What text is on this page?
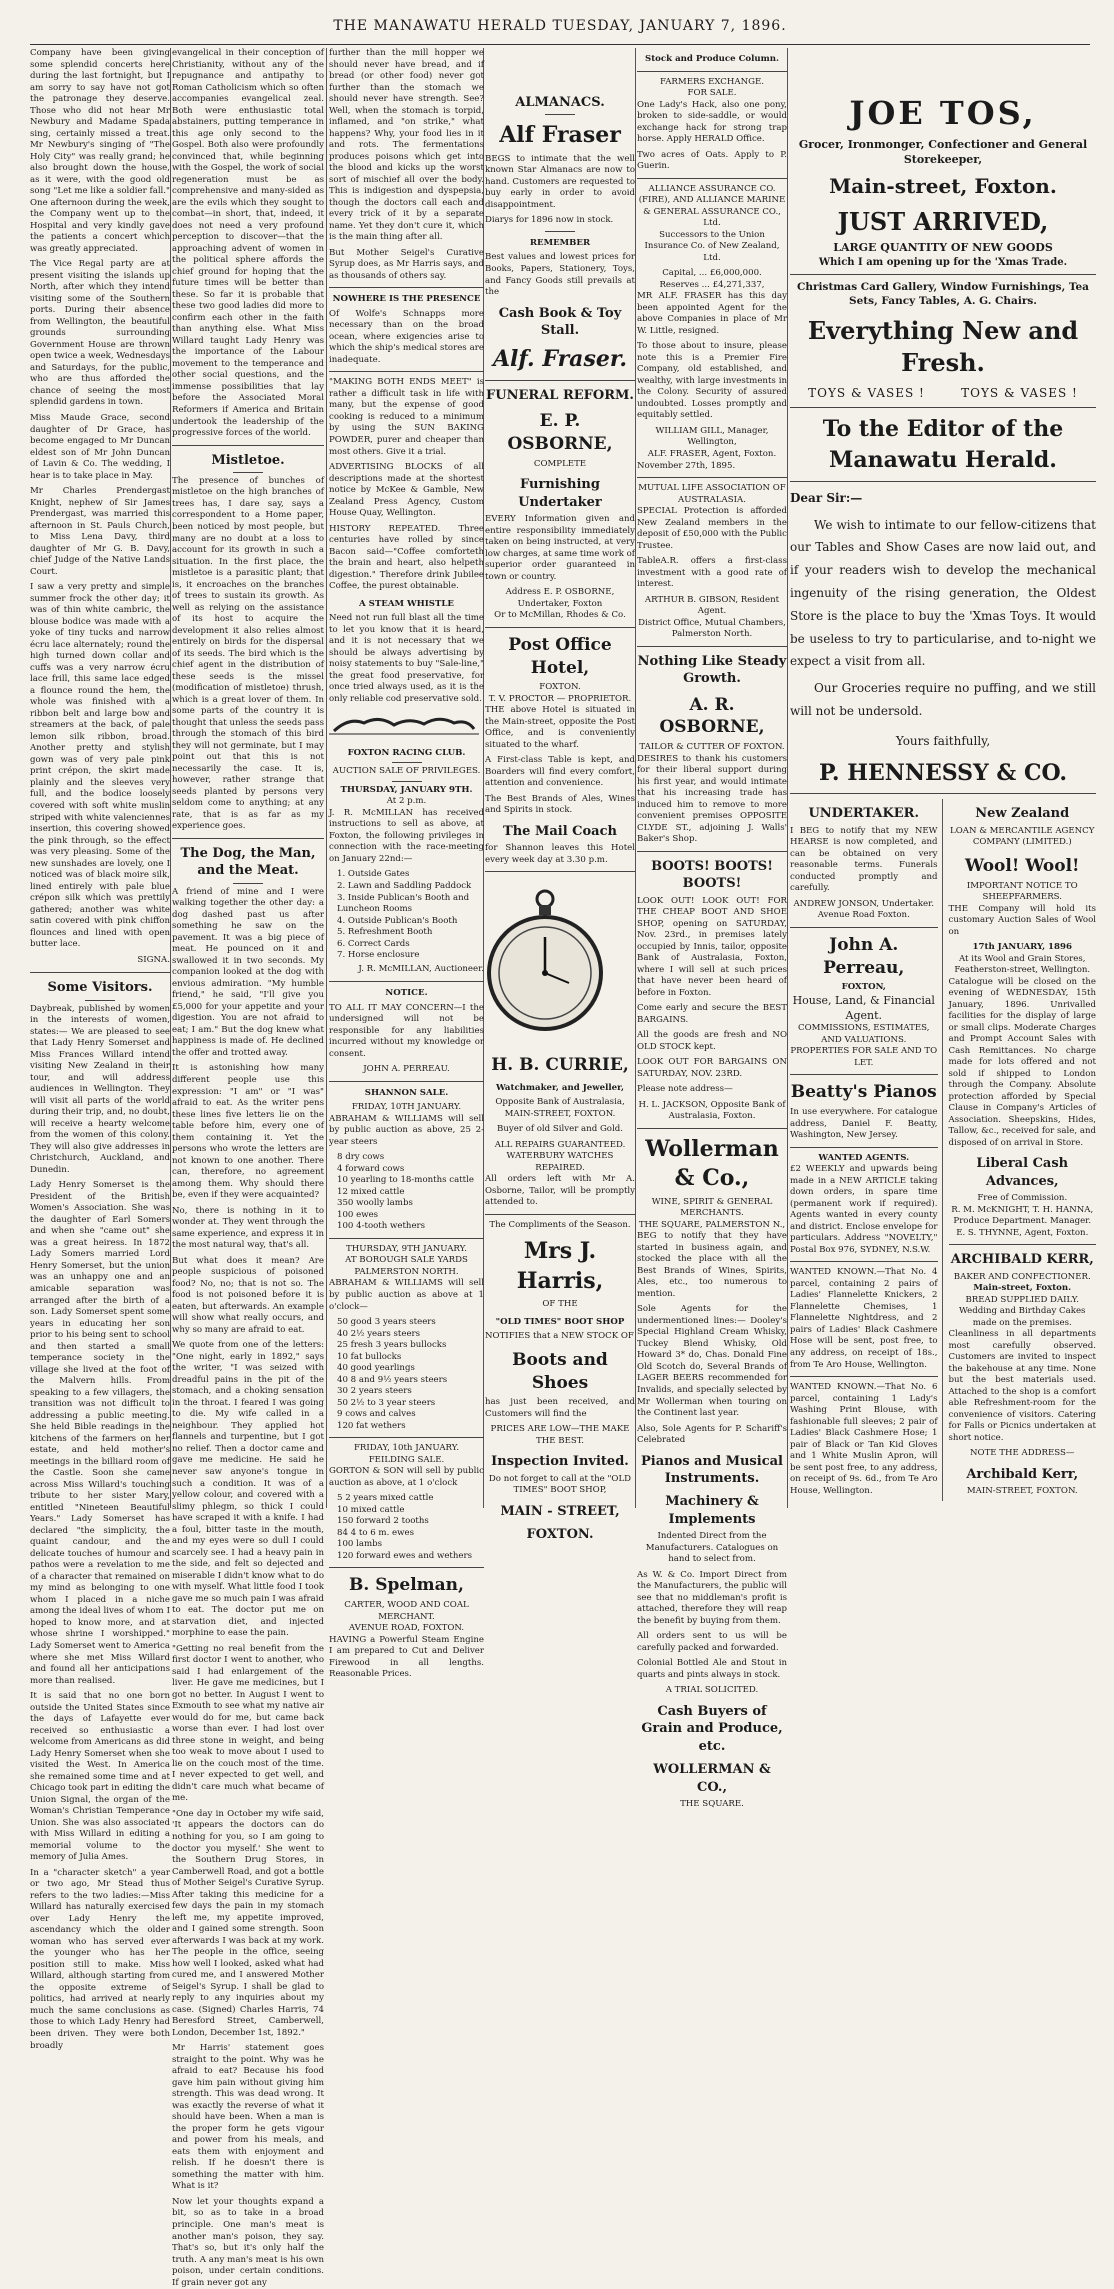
THE MANAWATU HERALD TUESDAY, JANUARY 7, 1896.

Company have been giving some splendid concerts here during the last fortnight, but I am sorry to say have not got the patronage they deserve. Those who did not hear Mr Newbury and Madame Spada sing, certainly missed a treat. Mr Newbury's singing of "The Holy City" was really grand; he also brought down the house, as it were, with the good old song "Let me like a soldier fall." One afternoon during the week, the Company went up to the Hospital and very kindly gave the patients a concert which was greatly appreciated.

The Vice Regal party are at present visiting the islands up North, after which they intend visiting some of the Southern ports. During their absence from Wellington, the beautiful grounds surrounding Government House are thrown open twice a week, Wednesdays and Saturdays, for the public, who are thus afforded the chance of seeing the most splendid gardens in town.

Miss Maude Grace, second daughter of Dr Grace, has become engaged to Mr Duncan eldest son of Mr John Duncan of Lavin & Co. The wedding, I hear is to take place in May.

Mr Charles Prendergast Knight, nephew of Sir James Prendergast, was married this afternoon in St. Pauls Church, to Miss Lena Davy, third daughter of Mr G. B. Davy, chief Judge of the Native Lands Court.

I saw a very pretty and simple summer frock the other day; it was of thin white cambric, the blouse bodice was made with a yoke of tiny tucks and narrow écru lace alternately; round the high turned down collar and cuffs was a very narrow écru lace frill, this same lace edged a flounce round the hem, the whole was finished with a ribbon belt and large bow and streamers at the back, of pale lemon silk ribbon, broad. Another pretty and stylish gown was of very pale pink print crépon, the skirt made plainly and the sleeves very full, and the bodice loosely covered with soft white muslin striped with white valenciennes insertion, this covering showed the pink through, so the effect was very pleasing. Some of the new sunshades are lovely, one I noticed was of black moire silk, lined entirely with pale blue crépon silk which was prettily gathered; another was white satin covered with pink chiffon flounces and lined with open butter lace.

SIGNA.
Some Visitors.

Daybreak, published by women in the interests of women, states:— We are pleased to see that Lady Henry Somerset and Miss Frances Willard intend visiting New Zealand in their tour, and will address audiences in Wellington. They will visit all parts of the world during their trip, and, no doubt, will receive a hearty welcome from the women of this colony. They will also give addresses in Christchurch, Auckland, and Dunedin.

Lady Henry Somerset is the President of the British Women's Association. She was the daughter of Earl Somers and when she "came out" she was a great heiress. In 1872 Lady Somers married Lord Henry Somerset, but the union was an unhappy one and an amicable separation was arranged after the birth of a son. Lady Somerset spent some years in educating her son prior to his being sent to school and then started a small temperance society in the village she lived at the foot of the Malvern hills. From speaking to a few villagers, the transition was not difficult to addressing a public meeting. She held Bible readings in the kitchens of the farmers on her estate, and held mother's meetings in the billiard room of the Castle. Soon she came across Miss Willard's touching tribute to her sister Mary, entitled "Nineteen Beautiful Years." Lady Somerset has declared "the simplicity, the quaint candour, and the delicate touches of humour and pathos were a revelation to me of a character that remained on my mind as belonging to one whom I placed in a niche among the ideal lives of whom I hoped to know more, and at whose shrine I worshipped." Lady Somerset went to America where she met Miss Willard and found all her anticipations more than realised.

It is said that no one born outside the United States since the days of Lafayette ever received so enthusiastic a welcome from Americans as did Lady Henry Somerset when she visited the West. In America she remained some time and at Chicago took part in editing the Union Signal, the organ of the Woman's Christian Temperance Union. She was also associated with Miss Willard in editing a memorial volume to the memory of Julia Ames.

In a "character sketch" a year or two ago, Mr Stead thus refers to the two ladies:—Miss Willard has naturally exercised over Lady Henry the ascendancy which the older woman who has served ever the younger who has her position still to make. Miss Willard, although starting from the opposite extreme of politics, had arrived at nearly much the same conclusions as those to which Lady Henry had been driven. They were both broadly

evangelical in their conception of Christianity, without any of the repugnance and antipathy to Roman Catholicism which so often accompanies evangelical zeal. Both were enthusiastic total abstainers, putting temperance in this age only second to the Gospel. Both also were profoundly convinced that, while beginning with the Gospel, the work of social regeneration must be as comprehensive and many-sided as are the evils which they sought to combat—in short, that, indeed, it does not need a very profound perception to discover—that the approaching advent of women in the political sphere affords the chief ground for hoping that the future times will be better than these. So far it is probable that these two good ladies did more to confirm each other in the faith than anything else. What Miss Willard taught Lady Henry was the importance of the Labour movement to the temperance and other social questions, and the immense possibilities that lay before the Associated Moral Reformers if America and Britain undertook the leadership of the progressive forces of the world.

Mistletoe.

The presence of bunches of mistletoe on the high branches of trees has, I dare say, says a correspondent to a Home paper, been noticed by most people, but many are no doubt at a loss to account for its growth in such a situation. In the first place, the mistletoe is a parasitic plant; that is, it encroaches on the branches of trees to sustain its growth. As well as relying on the assistance of its host to acquire the development it also relies almost entirely on birds for the dispersal of its seeds. The bird which is the chief agent in the distribution of these seeds is the missel (modification of mistletoe) thrush, which is a great lover of them. In some parts of the country it is thought that unless the seeds pass through the stomach of this bird they will not germinate, but I may point out that this is not necessarily the case. It is, however, rather strange that seeds planted by persons very seldom come to anything; at any rate, that is as far as my experience goes.

The Dog, the Man, and the Meat.

A friend of mine and I were walking together the other day: a dog dashed past us after something he saw on the pavement. It was a big piece of meat. He pounced on it and swallowed it in two seconds. My companion looked at the dog with envious admiration. "My humble friend," he said, "I'll give you £5,000 for your appetite and your digestion. You are not afraid to eat; I am." But the dog knew what happiness is made of. He declined the offer and trotted away.

It is astonishing how many different people use this expression: "I am" or "I was" afraid to eat. As the writer pens these lines five letters lie on the table before him, every one of them containing it. Yet the persons who wrote the letters are not known to one another. There can, therefore, no agreement among them. Why should there be, even if they were acquainted?

No, there is nothing in it to wonder at. They went through the same experience, and express it in the most natural way, that's all.

But what does it mean? Are people suspicious of poisoned food? No, no; that is not so. The food is not poisoned before it is eaten, but afterwards. An example will show what really occurs, and why so many are afraid to eat.

We quote from one of the letters: "One night, early in 1892," says the writer, "I was seized with dreadful pains in the pit of the stomach, and a choking sensation in the throat. I feared I was going to die. My wife called in a neighbour. They applied hot flannels and turpentine, but I got no relief. Then a doctor came and gave me medicine. He said he never saw anyone's tongue in such a condition. It was of a yellow colour, and covered with a slimy phlegm, so thick I could have scraped it with a knife. I had a foul, bitter taste in the mouth, and my eyes were so dull I could scarcely see. I had a heavy pain in the side, and felt so dejected and miserable I didn't know what to do with myself. What little food I took gave me so much pain I was afraid to eat. The doctor put me on starvation diet, and injected morphine to ease the pain.

"Getting no real benefit from the first doctor I went to another, who said I had enlargement of the liver. He gave me medicines, but I got no better. In August I went to Exmouth to see what my native air would do for me, but came back worse than ever. I had lost over three stone in weight, and being too weak to move about I used to lie on the couch most of the time. I never expected to get well, and didn't care much what became of me.

"One day in October my wife said, 'It appears the doctors can do nothing for you, so I am going to doctor you myself.' She went to the Southern Drug Stores, in Camberwell Road, and got a bottle of Mother Seigel's Curative Syrup. After taking this medicine for a few days the pain in my stomach left me, my appetite improved, and I gained some strength. Soon afterwards I was back at my work. The people in the office, seeing how well I looked, asked what had cured me, and I answered Mother Seigel's Syrup. I shall be glad to reply to any inquiries about my case. (Signed) Charles Harris, 74 Beresford Street, Camberwell, London, December 1st, 1892."

Mr Harris' statement goes straight to the point. Why was he afraid to eat? Because his food gave him pain without giving him strength. This was dead wrong. It was exactly the reverse of what it should have been. When a man is the proper form he gets vigour and power from his meals, and eats them with enjoyment and relish. If he doesn't there is something the matter with him. What is it?

Now let your thoughts expand a bit, so as to take in a broad principle. One man's meat is another man's poison, they say. That's so, but it's only half the truth. A any man's meat is his own poison, under certain conditions. If grain never got any

further than the mill hopper we should never have bread, and if bread (or other food) never got further than the stomach we should never have strength. See? Well, when the stomach is torpid, inflamed, and "on strike," what happens? Why, your food lies in it and rots. The fermentations produces poisons which get into the blood and kicks up the worst sort of mischief all over the body. This is indigestion and dyspepsia, though the doctors call each and every trick of it by a separate name. Yet they don't cure it, which is the main thing after all.

But Mother Seigel's Curative Syrup does, as Mr Harris says, and as thousands of others say.

NOWHERE IS THE PRESENCE

Of Wolfe's Schnapps more necessary than on the broad ocean, where exigencies arise to which the ship's medical stores are inadequate.

"MAKING BOTH ENDS MEET" is rather a difficult task in life with many, but the expense of good cooking is reduced to a minimum by using the SUN BAKING POWDER, purer and cheaper than most others. Give it a trial.

ADVERTISING BLOCKS of all descriptions made at the shortest notice by McKee & Gamble, New Zealand Press Agency, Custom House Quay, Wellington.

HISTORY REPEATED. Three centuries have rolled by since Bacon said—"Coffee comforteth the brain and heart, also helpeth digestion." Therefore drink Jubilee Coffee, the purest obtainable.

A STEAM WHISTLE

Need not run full blast all the time to let you know that it is heard, and it is not necessary that we should be always advertising by noisy statements to buy "Sale-line," the great food preservative, for once tried always used, as it is the only reliable cod preservative sold.

FOXTON RACING CLUB.
AUCTION SALE OF PRIVILEGES.
THURSDAY, JANUARY 9TH.
At 2 p.m.

J. R. McMILLAN has received instructions to sell as above, at Foxton, the following privileges in connection with the race-meeting on January 22nd:—

1. Outside Gates
2. Lawn and Saddling Paddock
3. Inside Publican's Booth and Luncheon Rooms
4. Outside Publican's Booth
5. Refreshment Booth
6. Correct Cards
7. Horse enclosure
J. R. McMILLAN, Auctioneer.
NOTICE.

TO ALL IT MAY CONCERN—I the undersigned will not be responsible for any liabilities incurred without my knowledge or consent.

JOHN A. PERREAU.
SHANNON SALE.
FRIDAY, 10TH JANUARY.

ABRAHAM & WILLIAMS will sell by public auction as above, 25 2-year steers

8 dry cows
4 forward cows
10 yearling to 18-months cattle
12 mixed cattle
350 woolly lambs
100 ewes
100 4-tooth wethers
THURSDAY, 9TH JANUARY.
AT BOROUGH SALE YARDS PALMERSTON NORTH.

ABRAHAM & WILLIAMS will sell by public auction as above at 1 o'clock—

50 good 3 years steers
40 2½ years steers
25 fresh 3 years bullocks
10 fat bullocks
40 good yearlings
40 8 and 9½ years steers
30 2 years steers
50 2½ to 3 year steers
9 cows and calves
120 fat wethers
FRIDAY, 10th JANUARY.
FEILDING SALE.

GORTON & SON will sell by public auction as above, at 1 o'clock

5 2 years mixed cattle
10 mixed cattle
150 forward 2 tooths
84 4 to 6 m. ewes
100 lambs
120 forward ewes and wethers
B. Spelman,
CARTER, WOOD AND COAL MERCHANT.
AVENUE ROAD, FOXTON.

HAVING a Powerful Steam Engine I am prepared to Cut and Deliver Firewood in all lengths. Reasonable Prices.

ALMANACS.
Alf Fraser

BEGS to intimate that the well known Star Almanacs are now to hand. Customers are requested to buy early in order to avoid disappointment.

Diarys for 1896 now in stock.

REMEMBER

Best values and lowest prices for Books, Papers, Stationery, Toys, and Fancy Goods still prevails at the

Cash Book & Toy Stall.
Alf. Fraser.
FUNERAL REFORM.
E. P. OSBORNE,
COMPLETE
Furnishing Undertaker

EVERY Information given and entire responsibility immediately taken on being instructed, at very low charges, at same time work of superior order guaranteed in town or country.

Address E. P. OSBORNE, Undertaker, Foxton
Or to McMillan, Rhodes & Co.
Post Office Hotel,
FOXTON.
T. V. PROCTOR — PROPRIETOR.

THE above Hotel is situated in the Main-street, opposite the Post Office, and is conveniently situated to the wharf.

A First-class Table is kept, and Boarders will find every comfort, attention and convenience.

The Best Brands of Ales, Wines and Spirits in stock.

The Mail Coach

for Shannon leaves this Hotel every week day at 3.30 p.m.

H. B. CURRIE,
Watchmaker, and Jeweller,

Opposite Bank of Australasia, MAIN-STREET, FOXTON.

Buyer of old Silver and Gold.

ALL REPAIRS GUARANTEED.
WATERBURY WATCHES REPAIRED.

All orders left with Mr A. Osborne, Tailor, will be promptly attended to.

The Compliments of the Season.
Mrs J. Harris,
OF THE
"OLD TIMES" BOOT SHOP

NOTIFIES that a NEW STOCK OF

Boots and Shoes

has just been received, and Customers will find the

PRICES ARE LOW—THE MAKE THE BEST.
Inspection Invited.

Do not forget to call at the "OLD TIMES" BOOT SHOP,

MAIN - STREET,
FOXTON.
Stock and Produce Column.
FARMERS EXCHANGE.
FOR SALE.

One Lady's Hack, also one pony, broken to side-saddle, or would exchange hack for strong trap horse. Apply HERALD Office.

Two acres of Oats. Apply to P. Guerin.

ALLIANCE ASSURANCE CO. (FIRE), AND ALLIANCE MARINE & GENERAL ASSURANCE CO., Ltd.

Successors to the Union Insurance Co. of New Zealand, Ltd.

Capital, ... £6,000,000.
Reserves ... £4,271,337,

MR ALF. FRASER has this day been appointed Agent for the above Companies in place of Mr W. Little, resigned.

To those about to insure, please note this is a Premier Fire Company, old established, and wealthy, with large investments in the Colony. Security of assured undoubted. Losses promptly and equitably settled.

WILLIAM GILL, Manager, Wellington,
ALF. FRASER, Agent, Foxton.
November 27th, 1895.
MUTUAL LIFE ASSOCIATION OF AUSTRALASIA.

SPECIAL Protection is afforded New Zealand members in the deposit of £50,000 with the Public Trustee.

TableA.R. offers a first-class investment with a good rate of interest.

ARTHUR B. GIBSON, Resident Agent.
District Office, Mutual Chambers, Palmerston North.
Nothing Like Steady Growth.
A. R. OSBORNE,
TAILOR & CUTTER OF FOXTON.

DESIRES to thank his customers for their liberal support during his first year, and would intimate that his increasing trade has induced him to remove to more convenient premises OPPOSITE CLYDE ST., adjoining J. Walls' Baker's Shop.

BOOTS! BOOTS! BOOTS!

LOOK OUT! LOOK OUT! FOR THE CHEAP BOOT AND SHOE SHOP, opening on SATURDAY, Nov. 23rd., in premises lately occupied by Innis, tailor, opposite Bank of Australasia, Foxton, where I will sell at such prices that have never been heard of before in Foxton.

Come early and secure the BEST BARGAINS.

All the goods are fresh and NO OLD STOCK kept.

LOOK OUT FOR BARGAINS ON SATURDAY, NOV. 23RD.

Please note address—

H. L. JACKSON, Opposite Bank of Australasia, Foxton.
Wollerman & Co.,
WINE, SPIRIT & GENERAL MERCHANTS.
THE SQUARE, PALMERSTON N.,

BEG to notify that they have started in business again, and stocked the place with all the Best Brands of Wines, Spirits, Ales, etc., too numerous to mention.

Sole Agents for the undermentioned lines:— Dooley's Special Highland Cream Whisky, Tuckey Blend Whisky, Old Howard 3* do, Chas. Donald Fine Old Scotch do, Several Brands of LAGER BEERS recommended for Invalids, and specially selected by Mr Wollerman when touring on the Continent last year.

Also, Sole Agents for P. Schariff's Celebrated

Pianos and Musical Instruments.
Machinery & Implements

Indented Direct from the Manufacturers. Catalogues on hand to select from.

As W. & Co. Import Direct from the Manufacturers, the public will see that no middleman's profit is attached, therefore they will reap the benefit by buying from them.

All orders sent to us will be carefully packed and forwarded.

Colonial Bottled Ale and Stout in quarts and pints always in stock.

A TRIAL SOLICITED.
Cash Buyers of Grain and Produce, etc.
WOLLERMAN & CO.,
THE SQUARE.
JOE TOS,
Grocer, Ironmonger, Confectioner and General Storekeeper,
Main-street, Foxton.
JUST ARRIVED,
LARGE QUANTITY OF NEW GOODS
Which I am opening up for the 'Xmas Trade.
Christmas Card Gallery, Window Furnishings, Tea Sets, Fancy Tables, A. G. Chairs.
Everything New and Fresh.
TOYS & VASES !	TOYS & VASES !
To the Editor of the Manawatu Herald.
Dear Sir:—

We wish to intimate to our fellow-citizens that our Tables and Show Cases are now laid out, and if your readers wish to develop the mechanical ingenuity of the rising generation, the Oldest Store is the place to buy the 'Xmas Toys. It would be useless to try to particularise, and to-night we expect a visit from all.

Our Groceries require no puffing, and we still will not be undersold.

Yours faithfully,
P. HENNESSY & CO.
UNDERTAKER.

I BEG to notify that my NEW HEARSE is now completed, and can be obtained on very reasonable terms. Funerals conducted promptly and carefully.

ANDREW JONSON, Undertaker. Avenue Road Foxton.
John A. Perreau,
FOXTON,
House, Land, & Financial Agent.
COMMISSIONS, ESTIMATES, AND VALUATIONS.
PROPERTIES FOR SALE AND TO LET.
Beatty's Pianos

In use everywhere. For catalogue address, Daniel F. Beatty, Washington, New Jersey.

WANTED AGENTS.

£2 WEEKLY and upwards being made in a NEW ARTICLE taking down orders, in spare time (permanent work if required). Agents wanted in every county and district. Enclose envelope for particulars. Address "NOVELTY," Postal Box 976, SYDNEY, N.S.W.

WANTED KNOWN.—That No. 4 parcel, containing 2 pairs of Ladies' Flannelette Knickers, 2 Flannelette Chemises, 1 Flannelette Nightdress, and 2 pairs of Ladies' Black Cashmere Hose will be sent, post free, to any address, on receipt of 18s., from Te Aro House, Wellington.

WANTED KNOWN.—That No. 6 parcel, containing 1 Lady's Washing Print Blouse, with fashionable full sleeves; 2 pair of Ladies' Black Cashmere Hose; 1 pair of Black or Tan Kid Gloves and 1 White Muslin Apron, will be sent post free, to any address, on receipt of 9s. 6d., from Te Aro House, Wellington.

New Zealand
LOAN & MERCANTILE AGENCY COMPANY (LIMITED.)
Wool! Wool!
IMPORTANT NOTICE TO SHEEPFARMERS.

THE Company will hold its customary Auction Sales of Wool on

17th JANUARY, 1896
At its Wool and Grain Stores, Featherston-street, Wellington.

Catalogue will be closed on the evening of WEDNESDAY, 15th January, 1896. Unrivalled facilities for the display of large or small clips. Moderate Charges and Prompt Account Sales with Cash Remittances. No charge made for lots offered and not sold if shipped to London through the Company. Absolute protection afforded by Special Clause in Company's Articles of Association. Sheepskins, Hides, Tallow, &c., received for sale, and disposed of on arrival in Store.

Liberal Cash Advances,
Free of Commission.
R. M. McKNIGHT, T. H. HANNA, Produce Department. Manager.
E. S. THYNNE, Agent, Foxton.
ARCHIBALD KERR,
BAKER AND CONFECTIONER.
Main-street, Foxton.
BREAD SUPPLIED DAILY.
Wedding and Birthday Cakes made on the premises.

Cleanliness in all departments most carefully observed. Customers are invited to inspect the bakehouse at any time. None but the best materials used. Attached to the shop is a comfort able Refreshment-room for the convenience of visitors. Catering for Falls or Picnics undertaken at short notice.

NOTE THE ADDRESS—
Archibald Kerr,
MAIN-STREET, FOXTON.
